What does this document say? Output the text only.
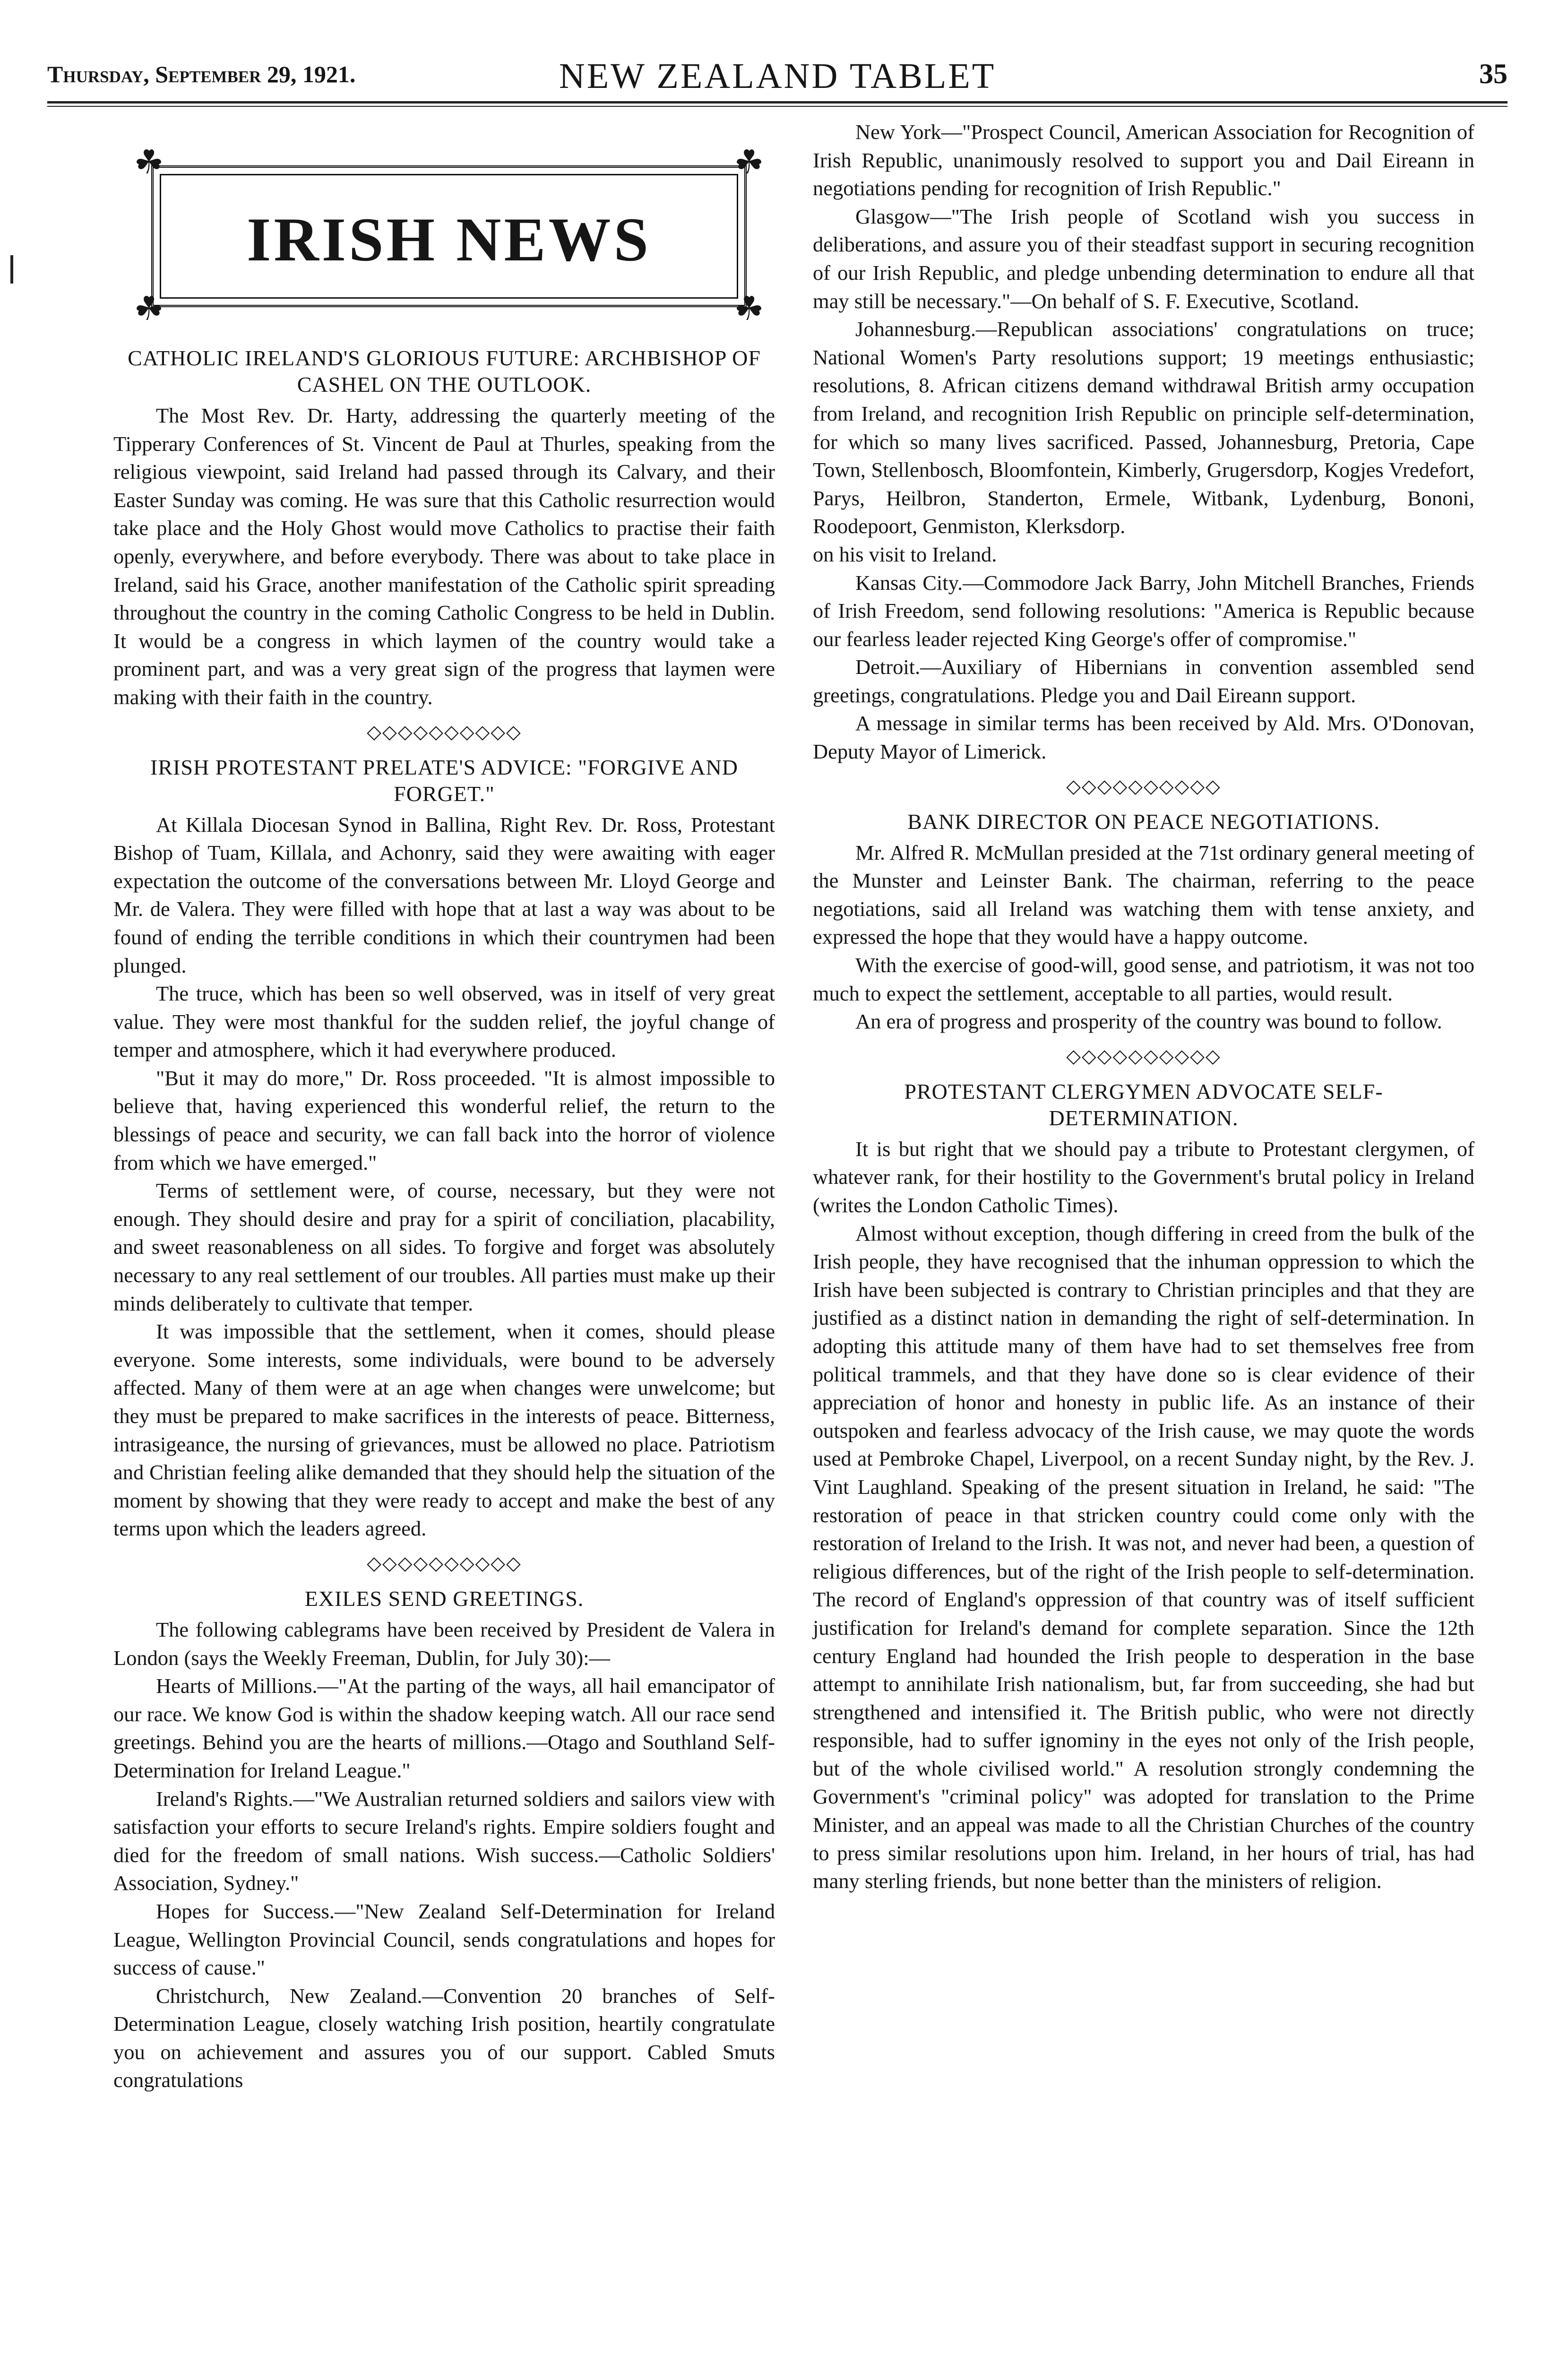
Thursday, September 29, 1921.	NEW ZEALAND TABLET	35
☘	☘
☘	☘
IRISH NEWS
CATHOLIC IRELAND'S GLORIOUS FUTURE: ARCHBISHOP OF CASHEL ON THE OUTLOOK.

The Most Rev. Dr. Harty, addressing the quarterly meeting of the Tipperary Conferences of St. Vincent de Paul at Thurles, speaking from the religious viewpoint, said Ireland had passed through its Calvary, and their Easter Sunday was coming. He was sure that this Catholic resurrection would take place and the Holy Ghost would move Catholics to practise their faith openly, everywhere, and before everybody. There was about to take place in Ireland, said his Grace, another manifestation of the Catholic spirit spreading throughout the country in the coming Catholic Congress to be held in Dublin. It would be a congress in which laymen of the country would take a prominent part, and was a very great sign of the progress that laymen were making with their faith in the country.

◇◇◇◇◇◇◇◇◇◇
IRISH PROTESTANT PRELATE'S ADVICE: "FORGIVE AND FORGET."

At Killala Diocesan Synod in Ballina, Right Rev. Dr. Ross, Protestant Bishop of Tuam, Killala, and Achonry, said they were awaiting with eager expectation the outcome of the conversations between Mr. Lloyd George and Mr. de Valera. They were filled with hope that at last a way was about to be found of ending the terrible conditions in which their countrymen had been plunged.

The truce, which has been so well observed, was in itself of very great value. They were most thankful for the sudden relief, the joyful change of temper and atmosphere, which it had everywhere produced.

"But it may do more," Dr. Ross proceeded. "It is almost impossible to believe that, having experienced this wonderful relief, the return to the blessings of peace and security, we can fall back into the horror of violence from which we have emerged."

Terms of settlement were, of course, necessary, but they were not enough. They should desire and pray for a spirit of conciliation, placability, and sweet reasonableness on all sides. To forgive and forget was absolutely necessary to any real settlement of our troubles. All parties must make up their minds deliberately to cultivate that temper.

It was impossible that the settlement, when it comes, should please everyone. Some interests, some individuals, were bound to be adversely affected. Many of them were at an age when changes were unwelcome; but they must be prepared to make sacrifices in the interests of peace. Bitterness, intrasigeance, the nursing of grievances, must be allowed no place. Patriotism and Christian feeling alike demanded that they should help the situation of the moment by showing that they were ready to accept and make the best of any terms upon which the leaders agreed.

◇◇◇◇◇◇◇◇◇◇
EXILES SEND GREETINGS.

The following cablegrams have been received by President de Valera in London (says the Weekly Freeman, Dublin, for July 30):—

Hearts of Millions.—"At the parting of the ways, all hail emancipator of our race. We know God is within the shadow keeping watch. All our race send greetings. Behind you are the hearts of millions.—Otago and Southland Self-Determination for Ireland League."

Ireland's Rights.—"We Australian returned soldiers and sailors view with satisfaction your efforts to secure Ireland's rights. Empire soldiers fought and died for the freedom of small nations. Wish success.—Catholic Soldiers' Association, Sydney."

Hopes for Success.—"New Zealand Self-Determination for Ireland League, Wellington Provincial Council, sends congratulations and hopes for success of cause."

Christchurch, New Zealand.—Convention 20 branches of Self-Determination League, closely watching Irish position, heartily congratulate you on achievement and assures you of our support. Cabled Smuts congratulations

New York—"Prospect Council, American Association for Recognition of Irish Republic, unanimously resolved to support you and Dail Eireann in negotiations pending for recognition of Irish Republic."

Glasgow—"The Irish people of Scotland wish you success in deliberations, and assure you of their steadfast support in securing recognition of our Irish Republic, and pledge unbending determination to endure all that may still be necessary."—On behalf of S. F. Executive, Scotland.

Johannesburg.—Republican associations' congratulations on truce; National Women's Party resolutions support; 19 meetings enthusiastic; resolutions, 8. African citizens demand withdrawal British army occupation from Ireland, and recognition Irish Republic on principle self-determination, for which so many lives sacrificed. Passed, Johannesburg, Pretoria, Cape Town, Stellenbosch, Bloomfontein, Kimberly, Grugersdorp, Kogjes Vredefort, Parys, Heilbron, Standerton, Ermele, Witbank, Lydenburg, Bononi, Roodepoort, Genmiston, Klerksdorp.

on his visit to Ireland.

Kansas City.—Commodore Jack Barry, John Mitchell Branches, Friends of Irish Freedom, send following resolutions: "America is Republic because our fearless leader rejected King George's offer of compromise."

Detroit.—Auxiliary of Hibernians in convention assembled send greetings, congratulations. Pledge you and Dail Eireann support.

A message in similar terms has been received by Ald. Mrs. O'Donovan, Deputy Mayor of Limerick.

◇◇◇◇◇◇◇◇◇◇
BANK DIRECTOR ON PEACE NEGOTIATIONS.

Mr. Alfred R. McMullan presided at the 71st ordinary general meeting of the Munster and Leinster Bank. The chairman, referring to the peace negotiations, said all Ireland was watching them with tense anxiety, and expressed the hope that they would have a happy outcome.

With the exercise of good-will, good sense, and patriotism, it was not too much to expect the settlement, acceptable to all parties, would result.

An era of progress and prosperity of the country was bound to follow.

◇◇◇◇◇◇◇◇◇◇
PROTESTANT CLERGYMEN ADVOCATE SELF-DETERMINATION.

It is but right that we should pay a tribute to Protestant clergymen, of whatever rank, for their hostility to the Government's brutal policy in Ireland (writes the London Catholic Times).

Almost without exception, though differing in creed from the bulk of the Irish people, they have recognised that the inhuman oppression to which the Irish have been subjected is contrary to Christian principles and that they are justified as a distinct nation in demanding the right of self-determination. In adopting this attitude many of them have had to set themselves free from political trammels, and that they have done so is clear evidence of their appreciation of honor and honesty in public life. As an instance of their outspoken and fearless advocacy of the Irish cause, we may quote the words used at Pembroke Chapel, Liverpool, on a recent Sunday night, by the Rev. J. Vint Laughland. Speaking of the present situation in Ireland, he said: "The restoration of peace in that stricken country could come only with the restoration of Ireland to the Irish. It was not, and never had been, a question of religious differences, but of the right of the Irish people to self-determination. The record of England's oppression of that country was of itself sufficient justification for Ireland's demand for complete separation. Since the 12th century England had hounded the Irish people to desperation in the base attempt to annihilate Irish nationalism, but, far from succeeding, she had but strengthened and intensified it. The British public, who were not directly responsible, had to suffer ignominy in the eyes not only of the Irish people, but of the whole civilised world." A resolution strongly condemning the Government's "criminal policy" was adopted for translation to the Prime Minister, and an appeal was made to all the Christian Churches of the country to press similar resolutions upon him. Ireland, in her hours of trial, has had many sterling friends, but none better than the ministers of religion.
